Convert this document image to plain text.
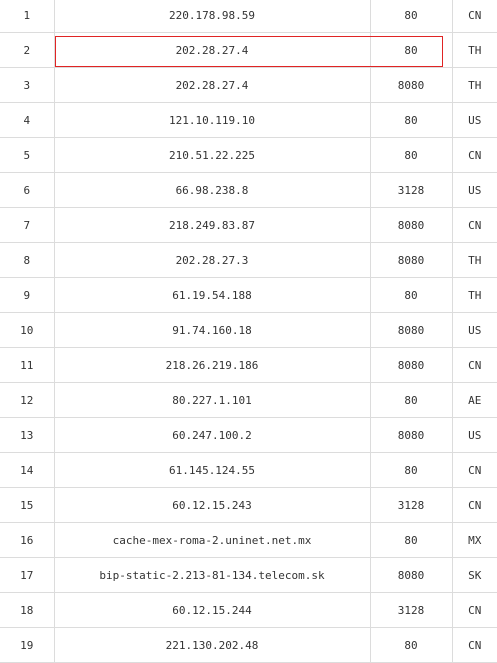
1	220.178.98.59	80	CN
2	202.28.27.4	80	TH
3	202.28.27.4	8080	TH
4	121.10.119.10	80	US
5	210.51.22.225	80	CN
6	66.98.238.8	3128	US
7	218.249.83.87	8080	CN
8	202.28.27.3	8080	TH
9	61.19.54.188	80	TH
10	91.74.160.18	8080	US
11	218.26.219.186	8080	CN
12	80.227.1.101	80	AE
13	60.247.100.2	8080	US
14	61.145.124.55	80	CN
15	60.12.15.243	3128	CN
16	cache-mex-roma-2.uninet.net.mx	80	MX
17	bip-static-2.213-81-134.telecom.sk	8080	SK
18	60.12.15.244	3128	CN
19	221.130.202.48	80	CN
